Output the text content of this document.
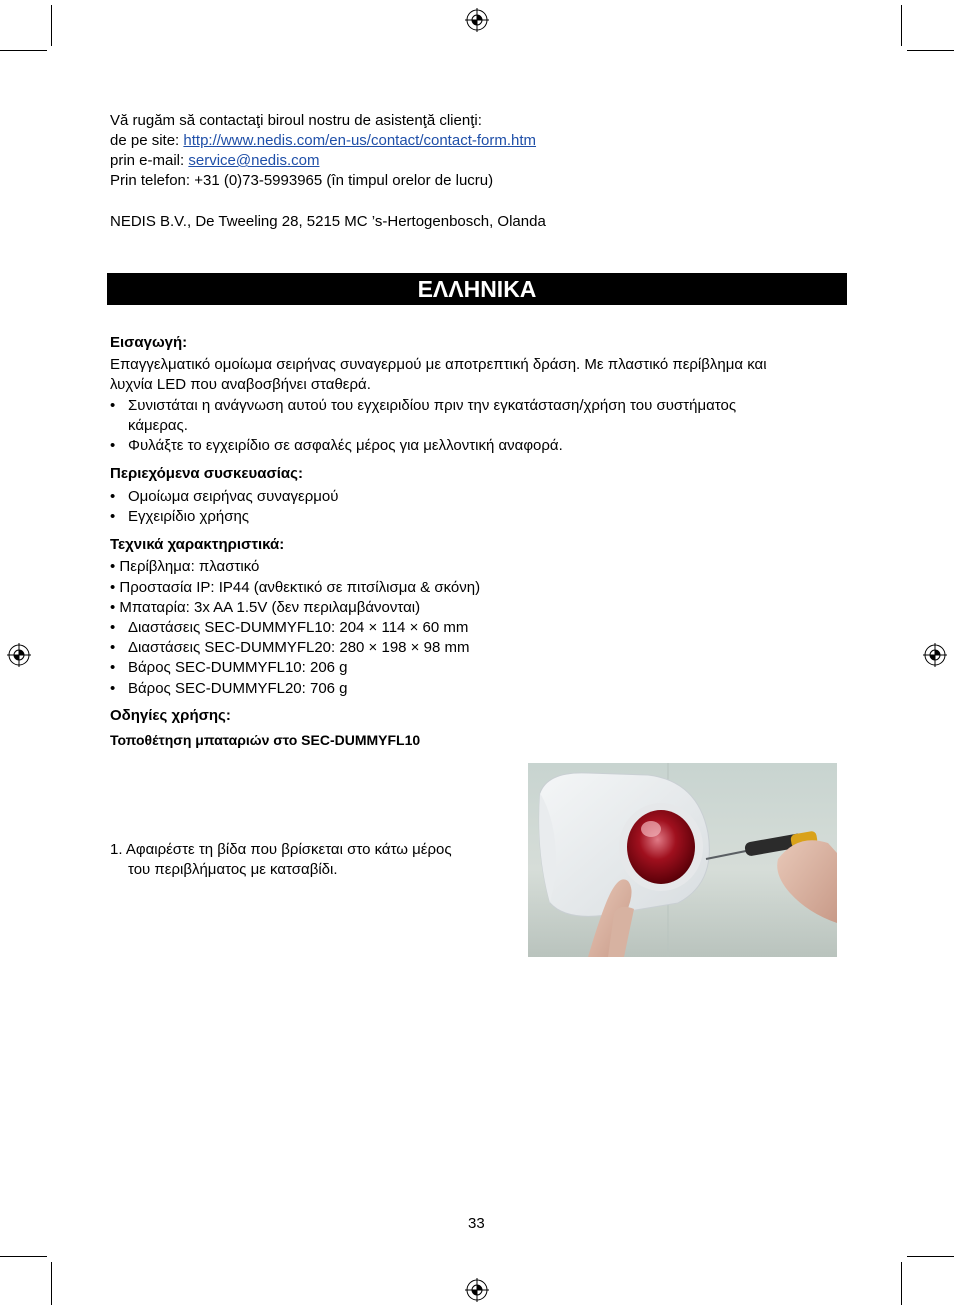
Vă rugăm să contactaţi biroul nostru de asistenţă clienţi:
de pe site: http://www.nedis.com/en-us/contact/contact-form.htm
prin e-mail: service@nedis.com
Prin telefon: +31 (0)73-5993965 (în timpul orelor de lucru)
NEDIS B.V., De Tweeling 28, 5215 MC ’s-Hertogenbosch, Olanda
ΕΛΛΗΝΙΚΑ
Εισαγωγή:
Επαγγελματικό ομοίωμα σειρήνας συναγερμού με αποτρεπτική δράση. Με πλαστικό περίβλημα και
λυχνία LED που αναβοσβήνει σταθερά.
• Συνιστάται η ανάγνωση αυτού του εγχειριδίου πριν την εγκατάσταση/χρήση του συστήματος
κάμερας.
• Φυλάξτε το εγχειρίδιο σε ασφαλές μέρος για μελλοντική αναφορά.
Περιεχόμενα συσκευασίας:
• Ομοίωμα σειρήνας συναγερμού
• Εγχειρίδιο χρήσης
Τεχνικά χαρακτηριστικά:
• Περίβλημα: πλαστικό
• Προστασία IP: IP44 (ανθεκτικό σε πιτσίλισμα & σκόνη)
• Μπαταρία: 3x AA 1.5V (δεν περιλαμβάνονται)
• Διαστάσεις SEC-DUMMYFL10: 204 × 114 × 60 mm
• Διαστάσεις SEC-DUMMYFL20: 280 × 198 × 98 mm
• Βάρος SEC-DUMMYFL10: 206 g
• Βάρος SEC-DUMMYFL20: 706 g
Οδηγίες χρήσης:
Τοποθέτηση μπαταριών στο SEC-DUMMYFL10
1. Αφαιρέστε τη βίδα που βρίσκεται στο κάτω μέρος
του περιβλήματος με κατσαβίδι.
33
